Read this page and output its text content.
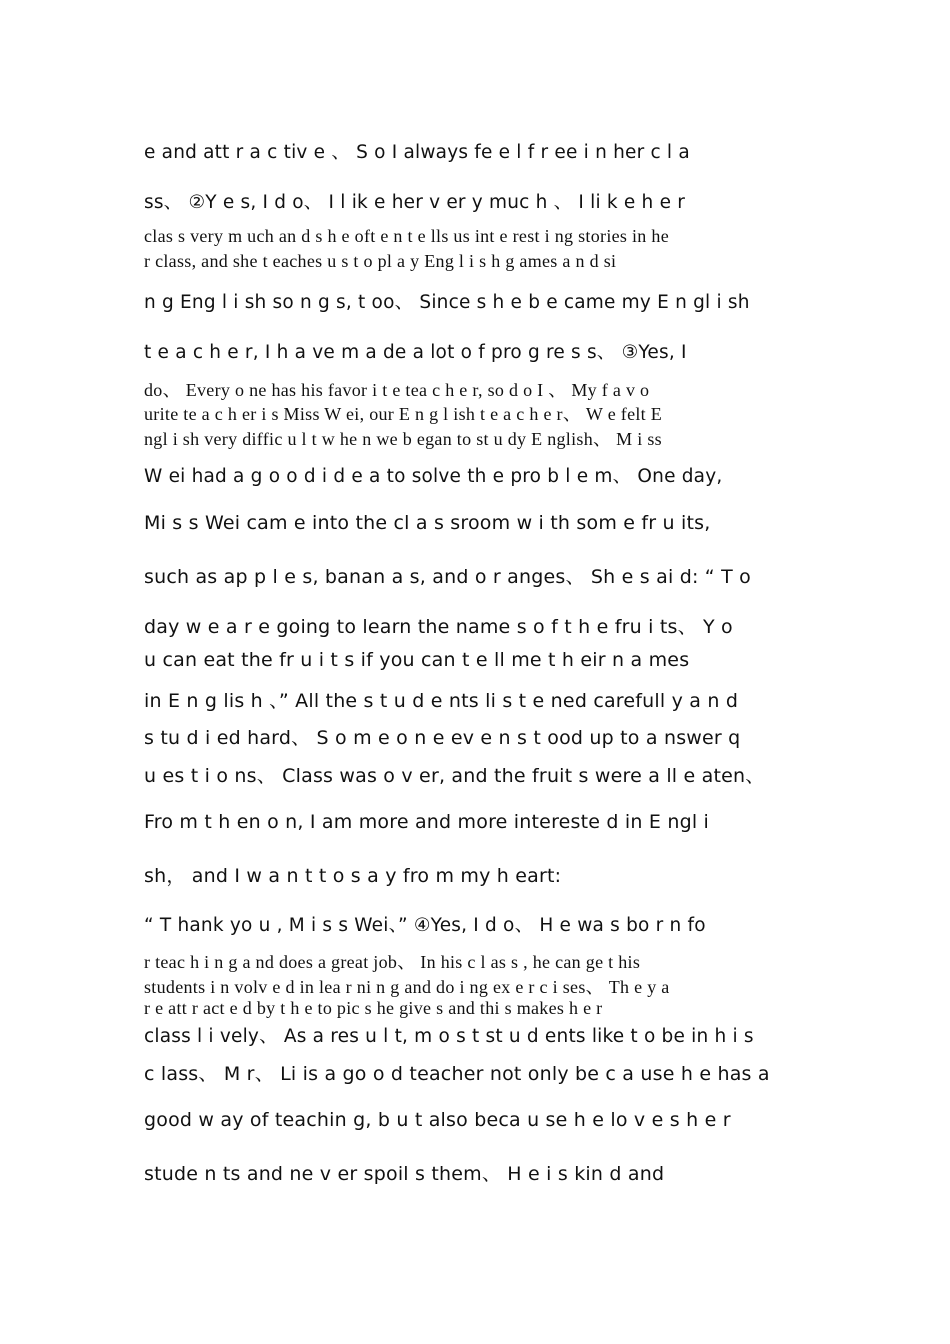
e and att r a c tiv e 、 S o I always fe e l f r ee i n her c l a
ss、 ②Y e s, I d o、 I l ik e her v er y muc h 、 I li k e h e r
clas s very m uch an d s h e oft e n t e lls us int e rest i ng stories in he
r class, and she t eaches u s t o pl a y Eng l i s h g ames a n d si
n g Eng l i sh so n g s, t oo、 Since s h e b e came my E n gl i sh
t e a c h e r, I h a ve m a de a lot o f pro g re s s、 ③Yes, I
do、 Every o ne has his favor i t e tea c h e r, so d o I 、 My f a v o
urite te a c h er i s Miss W ei, our E n g l ish t e a c h e r、 W e felt E
ngl i sh very diffic u l t w he n we b egan to st u dy E nglish、 M i ss
W ei had a g o o d i d e a to solve th e pro b l e m、 One day,
Mi s s Wei cam e into the cl a s sroom w i th som e fr u its,
such as ap p l e s, banan a s, and o r anges、 Sh e s ai d: “ T o
day w e a r e going to learn the name s o f t h e fru i ts、 Y o
u can eat the fr u i t s if you can t e ll me t h eir n a mes
in E n g lis h 、” All the s t u d e nts li s t e ned carefull y a n d
s tu d i ed hard、 S o m e o n e ev e n s t ood up to a nswer q
u es t i o ns、 Class was o v er, and the fruit s were a ll e aten、
Fro m t h en o n, I am more and more intereste d in E ngl i
sh， and I w a n t t o s a y fro m my h eart:
“ T hank yo u , M i s s Wei、” ④Yes, I d o、 H e wa s bo r n fo
r teac h i n g a nd does a great job、 In his c l as s , he can ge t his
students i n volv e d in lea r ni n g and do i ng ex e r c i ses、 Th e y a
r e att r act e d by t h e to pic s he give s and thi s makes h e r
class l i vely、 As a res u l t, m o s t st u d ents like t o be in h i s
c lass、 M r、 Li is a go o d teacher not only be c a use h e has a
good w ay of teachin g, b u t also beca u se h e lo v e s h e r
stude n ts and ne v er spoil s them、 H e i s kin d and
